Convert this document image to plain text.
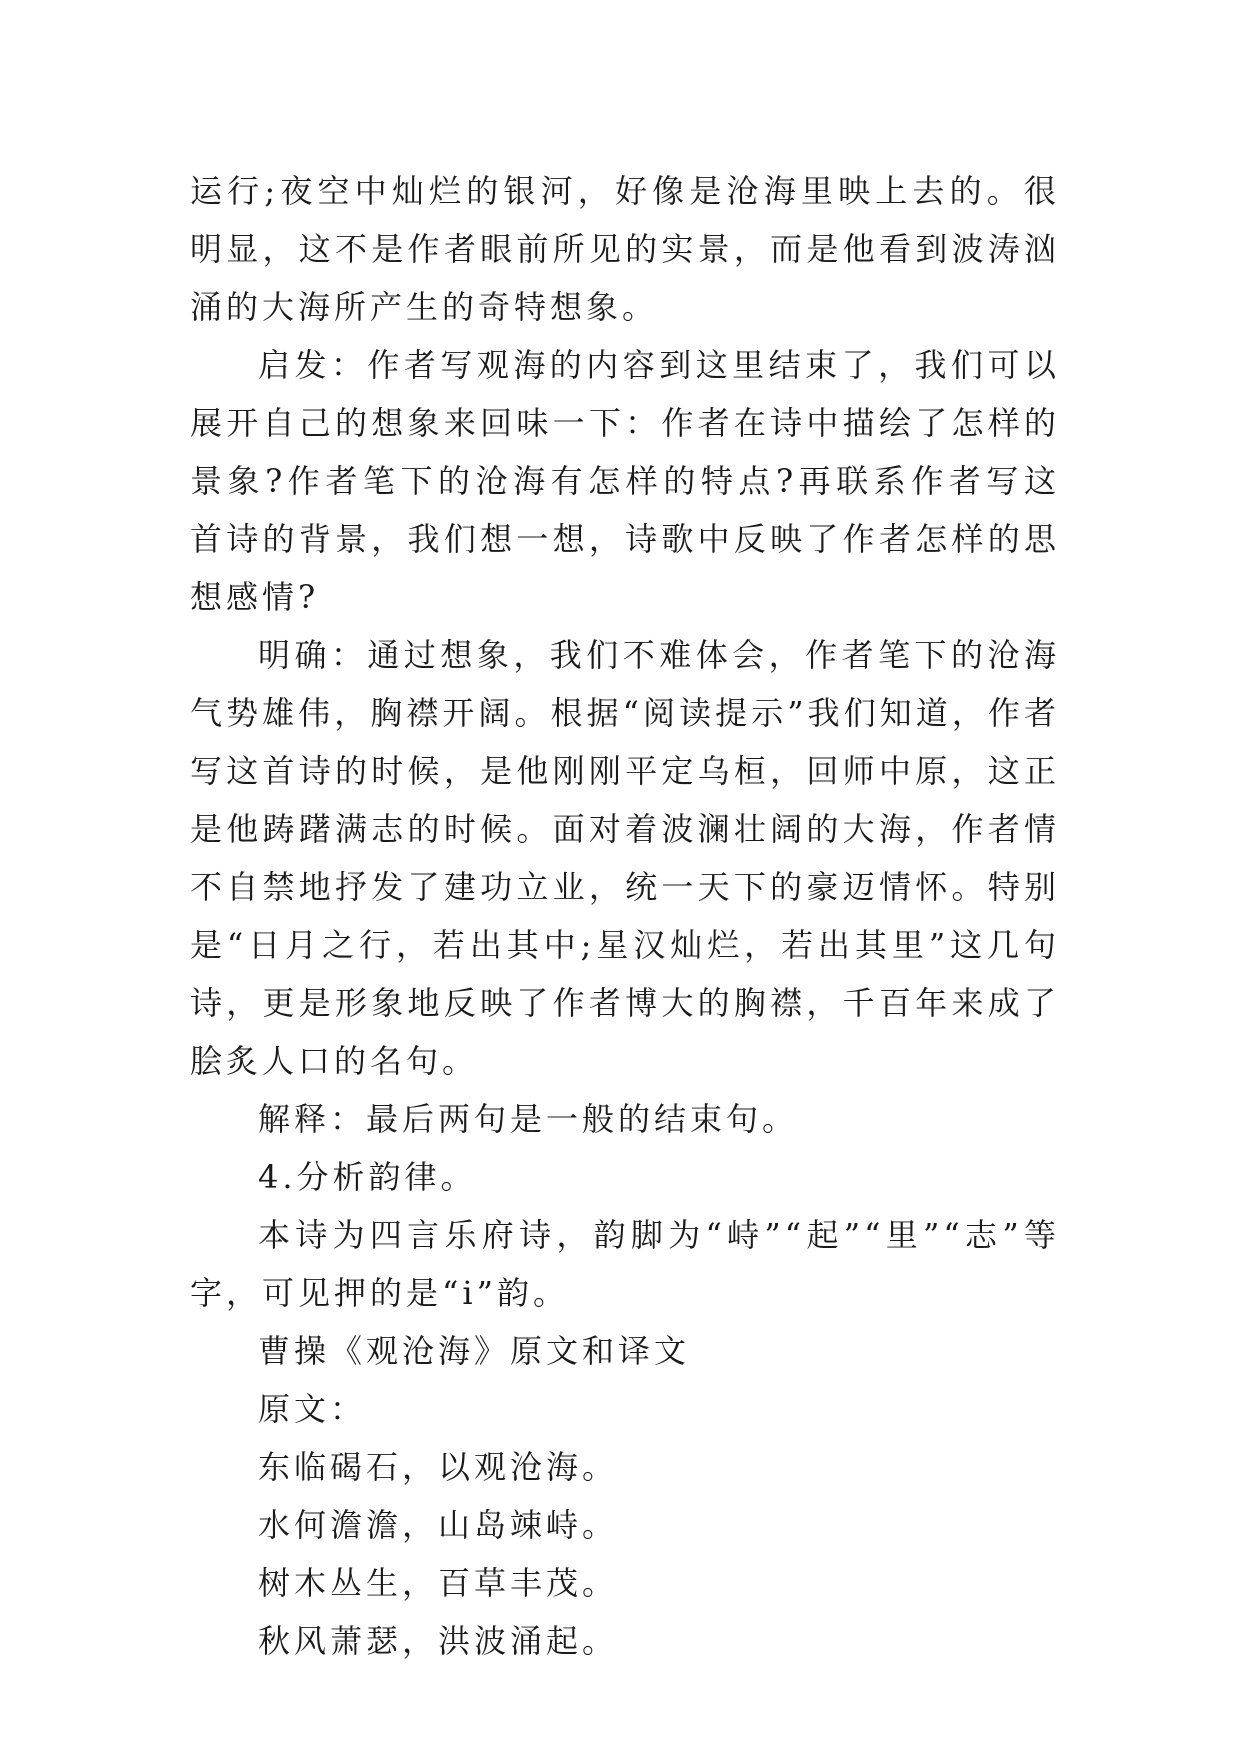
运行;夜空中灿烂的银河，好像是沧海里映上去的。很明显，这不是作者眼前所见的实景，而是他看到波涛汹涌的大海所产生的奇特想象。

启发：作者写观海的内容到这里结束了，我们可以展开自己的想象来回味一下：作者在诗中描绘了怎样的景象?作者笔下的沧海有怎样的特点?再联系作者写这首诗的背景，我们想一想，诗歌中反映了作者怎样的思想感情?

明确：通过想象，我们不难体会，作者笔下的沧海气势雄伟，胸襟开阔。根据“阅读提示”我们知道，作者写这首诗的时候，是他刚刚平定乌桓，回师中原，这正是他踌躇满志的时候。面对着波澜壮阔的大海，作者情不自禁地抒发了建功立业，统一天下的豪迈情怀。特别是“日月之行，若出其中;星汉灿烂，若出其里”这几句诗，更是形象地反映了作者博大的胸襟，千百年来成了脍炙人口的名句。

解释：最后两句是一般的结束句。

4.分析韵律。

本诗为四言乐府诗，韵脚为“峙”“起”“里”“志”等字，可见押的是“i”韵。

曹操《观沧海》原文和译文

原文：

东临碣石，以观沧海。

水何澹澹，山岛竦峙。

树木丛生，百草丰茂。

秋风萧瑟，洪波涌起。
